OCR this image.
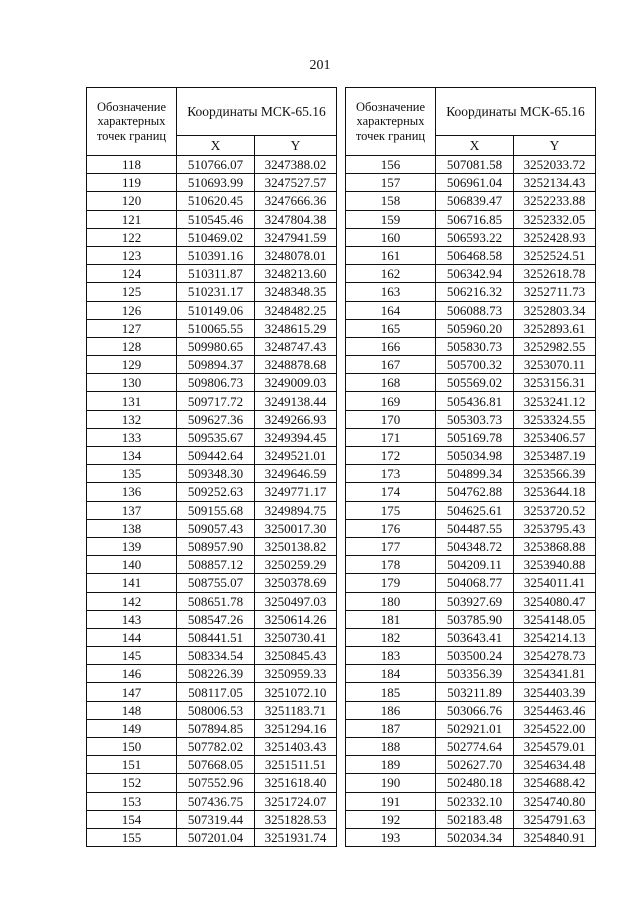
201
Обозначение характерных точек границ	Координаты МСК-65.16	
	X	Y
118	510766.07	3247388.02
119	510693.99	3247527.57
120	510620.45	3247666.36
121	510545.46	3247804.38
122	510469.02	3247941.59
123	510391.16	3248078.01
124	510311.87	3248213.60
125	510231.17	3248348.35
126	510149.06	3248482.25
127	510065.55	3248615.29
128	509980.65	3248747.43
129	509894.37	3248878.68
130	509806.73	3249009.03
131	509717.72	3249138.44
132	509627.36	3249266.93
133	509535.67	3249394.45
134	509442.64	3249521.01
135	509348.30	3249646.59
136	509252.63	3249771.17
137	509155.68	3249894.75
138	509057.43	3250017.30
139	508957.90	3250138.82
140	508857.12	3250259.29
141	508755.07	3250378.69
142	508651.78	3250497.03
143	508547.26	3250614.26
144	508441.51	3250730.41
145	508334.54	3250845.43
146	508226.39	3250959.33
147	508117.05	3251072.10
148	508006.53	3251183.71
149	507894.85	3251294.16
150	507782.02	3251403.43
151	507668.05	3251511.51
152	507552.96	3251618.40
153	507436.75	3251724.07
154	507319.44	3251828.53
155	507201.04	3251931.74
Обозначение характерных точек границ	Координаты МСК-65.16	
	X	Y
156	507081.58	3252033.72
157	506961.04	3252134.43
158	506839.47	3252233.88
159	506716.85	3252332.05
160	506593.22	3252428.93
161	506468.58	3252524.51
162	506342.94	3252618.78
163	506216.32	3252711.73
164	506088.73	3252803.34
165	505960.20	3252893.61
166	505830.73	3252982.55
167	505700.32	3253070.11
168	505569.02	3253156.31
169	505436.81	3253241.12
170	505303.73	3253324.55
171	505169.78	3253406.57
172	505034.98	3253487.19
173	504899.34	3253566.39
174	504762.88	3253644.18
175	504625.61	3253720.52
176	504487.55	3253795.43
177	504348.72	3253868.88
178	504209.11	3253940.88
179	504068.77	3254011.41
180	503927.69	3254080.47
181	503785.90	3254148.05
182	503643.41	3254214.13
183	503500.24	3254278.73
184	503356.39	3254341.81
185	503211.89	3254403.39
186	503066.76	3254463.46
187	502921.01	3254522.00
188	502774.64	3254579.01
189	502627.70	3254634.48
190	502480.18	3254688.42
191	502332.10	3254740.80
192	502183.48	3254791.63
193	502034.34	3254840.91
